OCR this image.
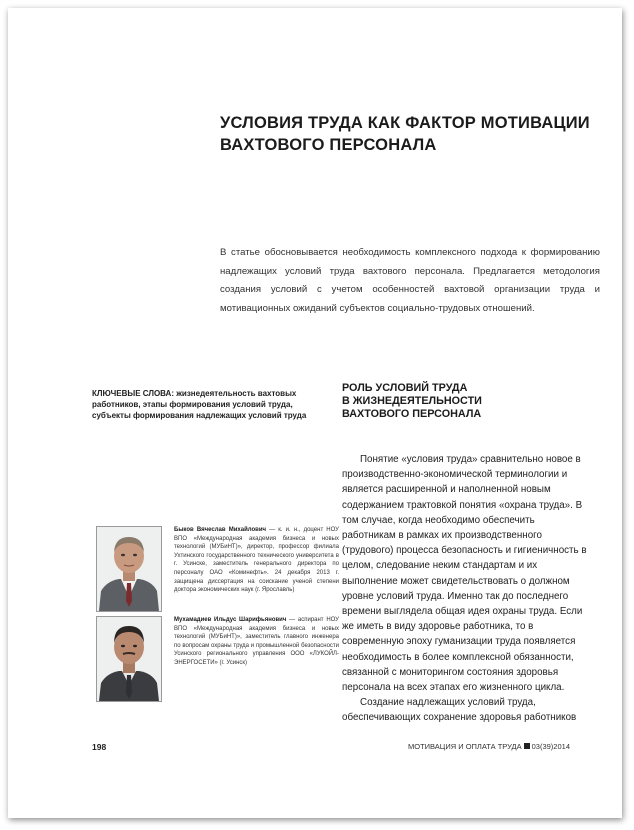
УСЛОВИЯ ТРУДА КАК ФАКТОР МОТИВАЦИИ
ВАХТОВОГО ПЕРСОНАЛА

В статье обосновывается необходимость комплексного подхода к формированию надлежащих условий труда вахтового персонала. Предлагается методология создания условий с учетом особенностей вахтовой организации труда и мотивационных ожиданий субъектов социально-трудовых отношений.

КЛЮЧЕВЫЕ СЛОВА: жизнедеятельность вахтовых работников, этапы формирования условий труда, субъекты формирования надлежащих условий труда

РОЛЬ УСЛОВИЙ ТРУДА
В ЖИЗНЕДЕЯТЕЛЬНОСТИ
ВАХТОВОГО ПЕРСОНАЛА

Понятие «условия труда» сравнительно новое в производственно-экономической терминологии и является расширенной и наполненной новым содержанием трактовкой понятия «охрана труда». В том случае, когда необходимо обеспечить работникам в рамках их производственного (трудового) процесса безопасность и гигиеничность в целом, следование неким стандартам и их выполнение может свидетельствовать о должном уровне условий труда. Именно так до последнего времени выглядела общая идея охраны труда. Если же иметь в виду здоровье работника, то в современную эпоху гуманизации труда появляется необходимость в более комплексной обязанности, связанной с мониторингом состояния здоровья персонала на всех этапах его жизненного цикла.

Создание надлежащих условий труда, обеспечивающих сохранение здоровья работников

Быков Вячеслав Михайлович — к. и. н., доцент НОУ ВПО «Международная академия бизнеса и новых технологий (МУБиНТ)», директор, профессор филиала Ухтинского государственного технического университета в г. Усинске, заместитель генерального директора по персоналу ОАО «Коминефть». 24 декабря 2013 г. защищена диссертация на соискание ученой степени доктора экономических наук (г. Ярославль)
Мухамадиев Ильдус Шарифьянович — аспирант НОУ ВПО «Международная академия бизнеса и новых технологий (МУБиНТ)», заместитель главного инженера по вопросам охраны труда и промышленной безопасности Усинского регионального управления ООО «ЛУКОЙЛ-ЭНЕРГОСЕТИ» (г. Усинск)
198	МОТИВАЦИЯ И ОПЛАТА ТРУДА 03(39)2014
